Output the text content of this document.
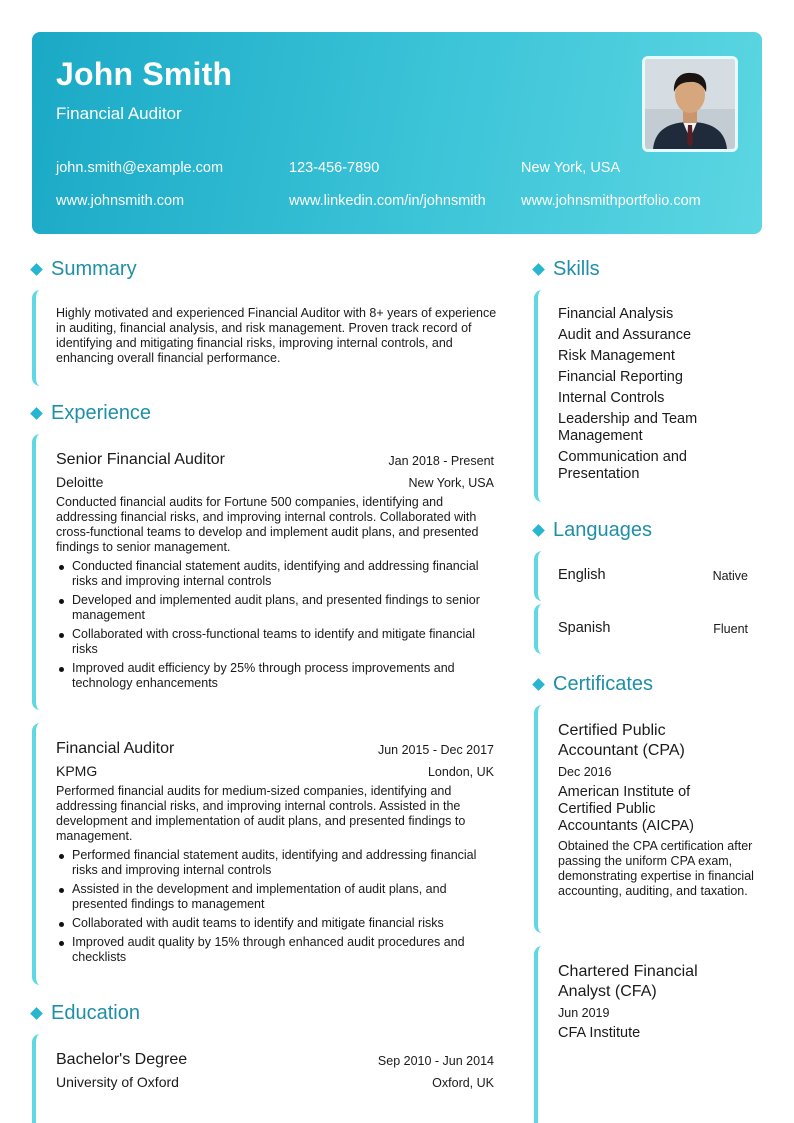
John Smith
Financial Auditor
john.smith@example.com	123-456-7890	New York, USA
www.johnsmith.com	www.linkedin.com/in/johnsmith www.johnsmithportfolio.com
Summary
Highly motivated and experienced Financial Auditor with 8+ years of experience in auditing, financial analysis, and risk management. Proven track record of identifying and mitigating financial risks, improving internal controls, and enhancing overall financial performance.
Experience
Senior Financial Auditor	Jan 2018 - Present
Deloitte	New York, USA
Conducted financial audits for Fortune 500 companies, identifying and addressing financial risks, and improving internal controls. Collaborated with cross-functional teams to develop and implement audit plans, and presented findings to senior management.
Conducted financial statement audits, identifying and addressing financial risks and improving internal controls
Developed and implemented audit plans, and presented findings to senior management
Collaborated with cross-functional teams to identify and mitigate financial risks
Improved audit efficiency by 25% through process improvements and technology enhancements
Financial Auditor	Jun 2015 - Dec 2017
KPMG	London, UK
Performed financial audits for medium-sized companies, identifying and addressing financial risks, and improving internal controls. Assisted in the development and implementation of audit plans, and presented findings to management.
Performed financial statement audits, identifying and addressing financial risks and improving internal controls
Assisted in the development and implementation of audit plans, and presented findings to management
Collaborated with audit teams to identify and mitigate financial risks
Improved audit quality by 15% through enhanced audit procedures and checklists
Education
Bachelor's Degree	Sep 2010 - Jun 2014
University of Oxford	Oxford, UK
Skills
Financial Analysis
Audit and Assurance
Risk Management
Financial Reporting
Internal Controls
Leadership and Team Management
Communication and Presentation
Languages
English	Native
Spanish	Fluent
Certificates
Certified Public Accountant (CPA)
Dec 2016
American Institute of Certified Public Accountants (AICPA)
Obtained the CPA certification after passing the uniform CPA exam, demonstrating expertise in financial accounting, auditing, and taxation.
Chartered Financial Analyst (CFA)
Jun 2019
CFA Institute
